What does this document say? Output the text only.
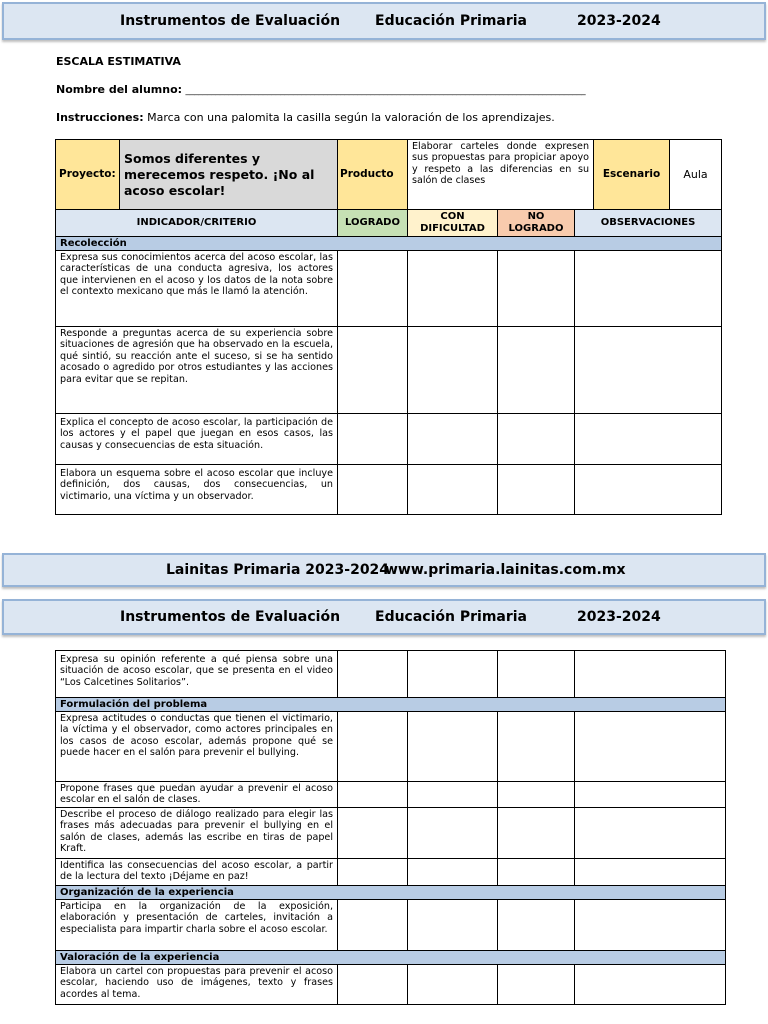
Instrumentos de Evaluación Educación Primaria	2023-2024
ESCALA ESTIMATIVA
Nombre del alumno: _____________________________________________________________________________________________
Instrucciones: Marca con una palomita la casilla según la valoración de los aprendizajes.
Proyecto:	Somos diferentes y merecemos respeto. ¡No al acoso escolar!	Producto	Elaborar carteles donde expresen sus propuestas para propiciar apoyo y respeto a las diferencias en su salón de clases			Escenario	Aula
INDICADOR/CRITERIO		LOGRADO	CON DIFICULTAD	NO LOGRADO	OBSERVACIONES		
Recolección							
Expresa sus conocimientos acerca del acoso escolar, las características de una conducta agresiva, los actores que intervienen en el acoso y los datos de la nota sobre el contexto mexicano que más le llamó la atención.							
Responde a preguntas acerca de su experiencia sobre situaciones de agresión que ha observado en la escuela, qué sintió, su reacción ante el suceso, si se ha sentido acosado o agredido por otros estudiantes y las acciones para evitar que se repitan.							
Explica el concepto de acoso escolar, la participación de los actores y el papel que juegan en esos casos, las causas y consecuencias de esta situación.							
Elabora un esquema sobre el acoso escolar que incluye definición, dos causas, dos consecuencias, un victimario, una víctima y un observador.							
Lainitas Primaria 2023-2024
www.primaria.lainitas.com.mx
Instrumentos de Evaluación Educación Primaria	2023-2024
Expresa su opinión referente a qué piensa sobre una situación de acoso escolar, que se presenta en el video “Los Calcetines Solitarios”.				
Formulación del problema				
Expresa actitudes o conductas que tienen el victimario, la víctima y el observador, como actores principales en los casos de acoso escolar, además propone qué se puede hacer en el salón para prevenir el bullying.				
Propone frases que puedan ayudar a prevenir el acoso escolar en el salón de clases.				
Describe el proceso de diálogo realizado para elegir las frases más adecuadas para prevenir el bullying en el salón de clases, además las escribe en tiras de papel Kraft.				
Identifica las consecuencias del acoso escolar, a partir de la lectura del texto ¡Déjame en paz!				
Organización de la experiencia				
Participa en la organización de la exposición, elaboración y presentación de carteles, invitación a especialista para impartir charla sobre el acoso escolar.				
Valoración de la experiencia				
Elabora un cartel con propuestas para prevenir el acoso escolar, haciendo uso de imágenes, texto y frases acordes al tema.				
